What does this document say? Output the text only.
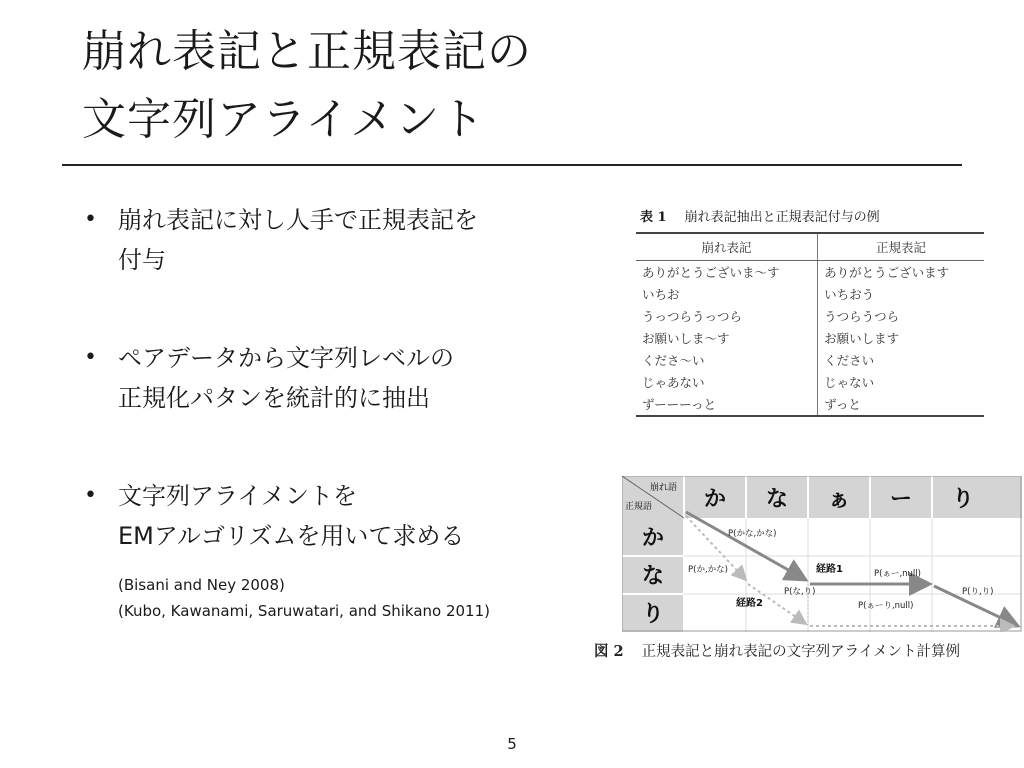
崩れ表記と正規表記の
文字列アライメント
• 崩れ表記に対し人手で正規表記を
付与
• ペアデータから文字列レベルの
正規化パタンを統計的に抽出
• 文字列アライメントを
EMアルゴリズムを用いて求める
(Bisani and Ney 2008)
(Kubo, Kawanami, Saruwatari, and Shikano 2011)
表 1 崩れ表記抽出と正規表記付与の例
崩れ表記	正規表記
ありがとうございま〜す	ありがとうございます
いちお	いちおう
うっつらうっつら	うつらうつら
お願いしま〜す	お願いします
くださ〜い	ください
じゃあない	じゃない
ずーーーっと	ずっと
崩れ語
正規語 か な ぁ ー り
か
な
り
P(かな,かな)
P(か,かな)	P(ぁー,null)
P(り,り)
P(な,り)
P(ぁーり,null)
経路1
経路2
図 2 正規表記と崩れ表記の文字列アライメント計算例
5
